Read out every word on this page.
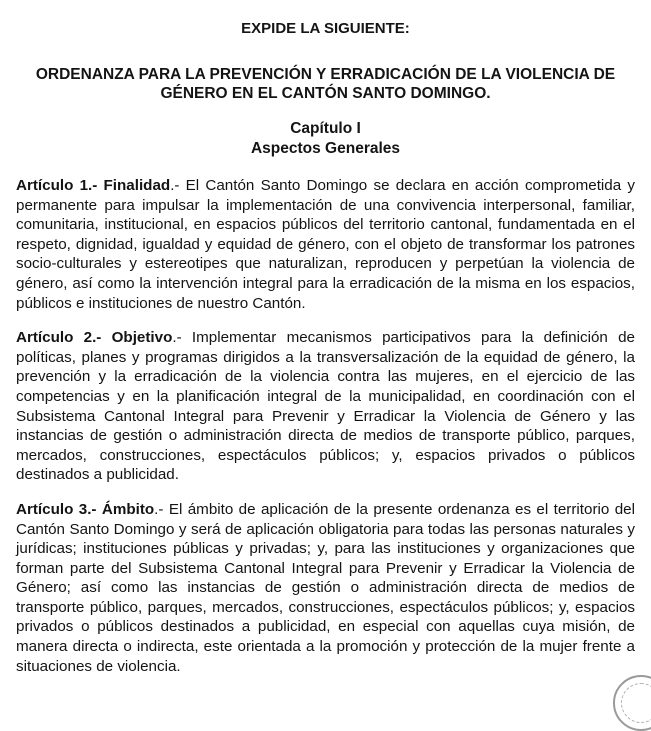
EXPIDE LA SIGUIENTE:
ORDENANZA PARA LA PREVENCIÓN Y ERRADICACIÓN DE LA VIOLENCIA DE
GÉNERO EN EL CANTÓN SANTO DOMINGO.
Capítulo I
Aspectos Generales

Artículo 1.- Finalidad.- El Cantón Santo Domingo se declara en acción comprometida y permanente para impulsar la implementación de una convivencia interpersonal, familiar, comunitaria, institucional, en espacios públicos del territorio cantonal, fundamentada en el respeto, dignidad, igualdad y equidad de género, con el objeto de transformar los patrones socio-culturales y estereotipes que naturalizan, reproducen y perpetúan la violencia de género, así como la intervención integral para la erradicación de la misma en los espacios, públicos e instituciones de nuestro Cantón.

Artículo 2.- Objetivo.- Implementar mecanismos participativos para la definición de políticas, planes y programas dirigidos a la transversalización de la equidad de género, la prevención y la erradicación de la violencia contra las mujeres, en el ejercicio de las competencias y en la planificación integral de la municipalidad, en coordinación con el Subsistema Cantonal Integral para Prevenir y Erradicar la Violencia de Género y las instancias de gestión o administración directa de medios de transporte público, parques, mercados, construcciones, espectáculos públicos; y, espacios privados o públicos destinados a publicidad.

Artículo 3.- Ámbito.- El ámbito de aplicación de la presente ordenanza es el territorio del Cantón Santo Domingo y será de aplicación obligatoria para todas las personas naturales y jurídicas; instituciones públicas y privadas; y, para las instituciones y organizaciones que forman parte del Subsistema Cantonal Integral para Prevenir y Erradicar la Violencia de Género; así como las instancias de gestión o administración directa de medios de transporte público, parques, mercados, construcciones, espectáculos públicos; y, espacios privados o públicos destinados a publicidad, en especial con aquellas cuya misión, de manera directa o indirecta, este orientada a la promoción y protección de la mujer frente a situaciones de violencia.
